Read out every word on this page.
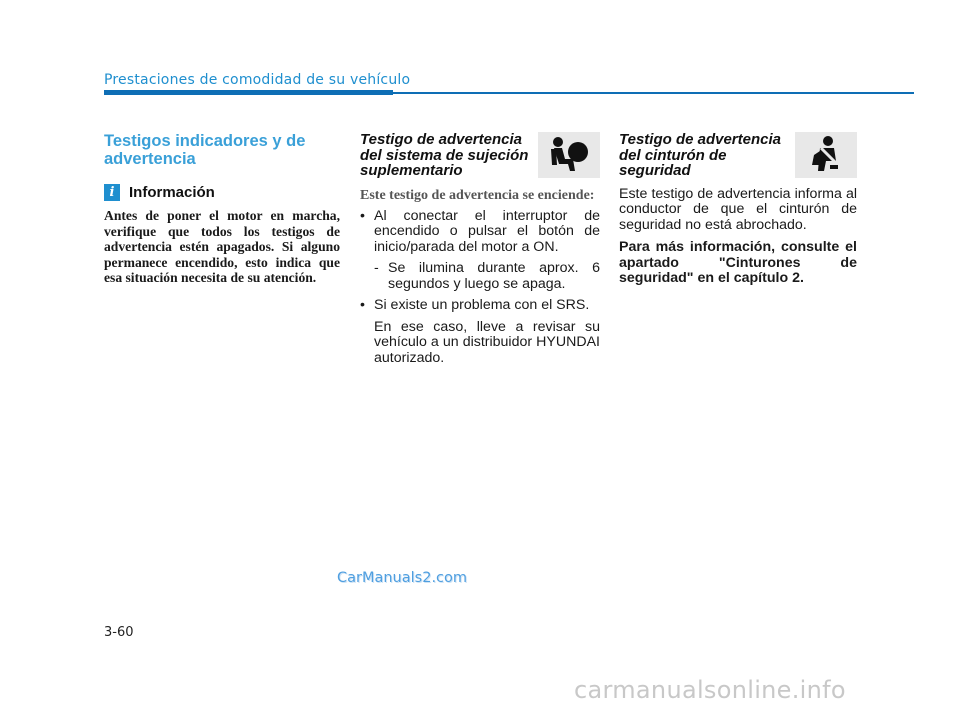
Prestaciones de comodidad de su vehículo
Testigos indicadores y de advertencia
i Información
Antes de poner el motor en marcha, verifique que todos los testigos de advertencia estén apagados. Si alguno permanece encendido, esto indica que esa situación necesita de su atención.
Testigo de advertencia del sistema de sujeción suplementario
Este testigo de advertencia se enciende:
• Al conectar el interruptor de encendido o pulsar el botón de inicio/parada del motor a ON.
- Se ilumina durante aprox. 6 segundos y luego se apaga.
• Si existe un problema con el SRS.
En ese caso, lleve a revisar su vehículo a un distribuidor HYUNDAI autorizado.
Testigo de advertencia del cinturón de seguridad
Este testigo de advertencia informa al conductor de que el cinturón de seguridad no está abrochado.
Para más información, consulte el apartado "Cinturones de seguridad" en el capítulo 2.
3-60
CarManuals2.com
carmanualsonline.info
